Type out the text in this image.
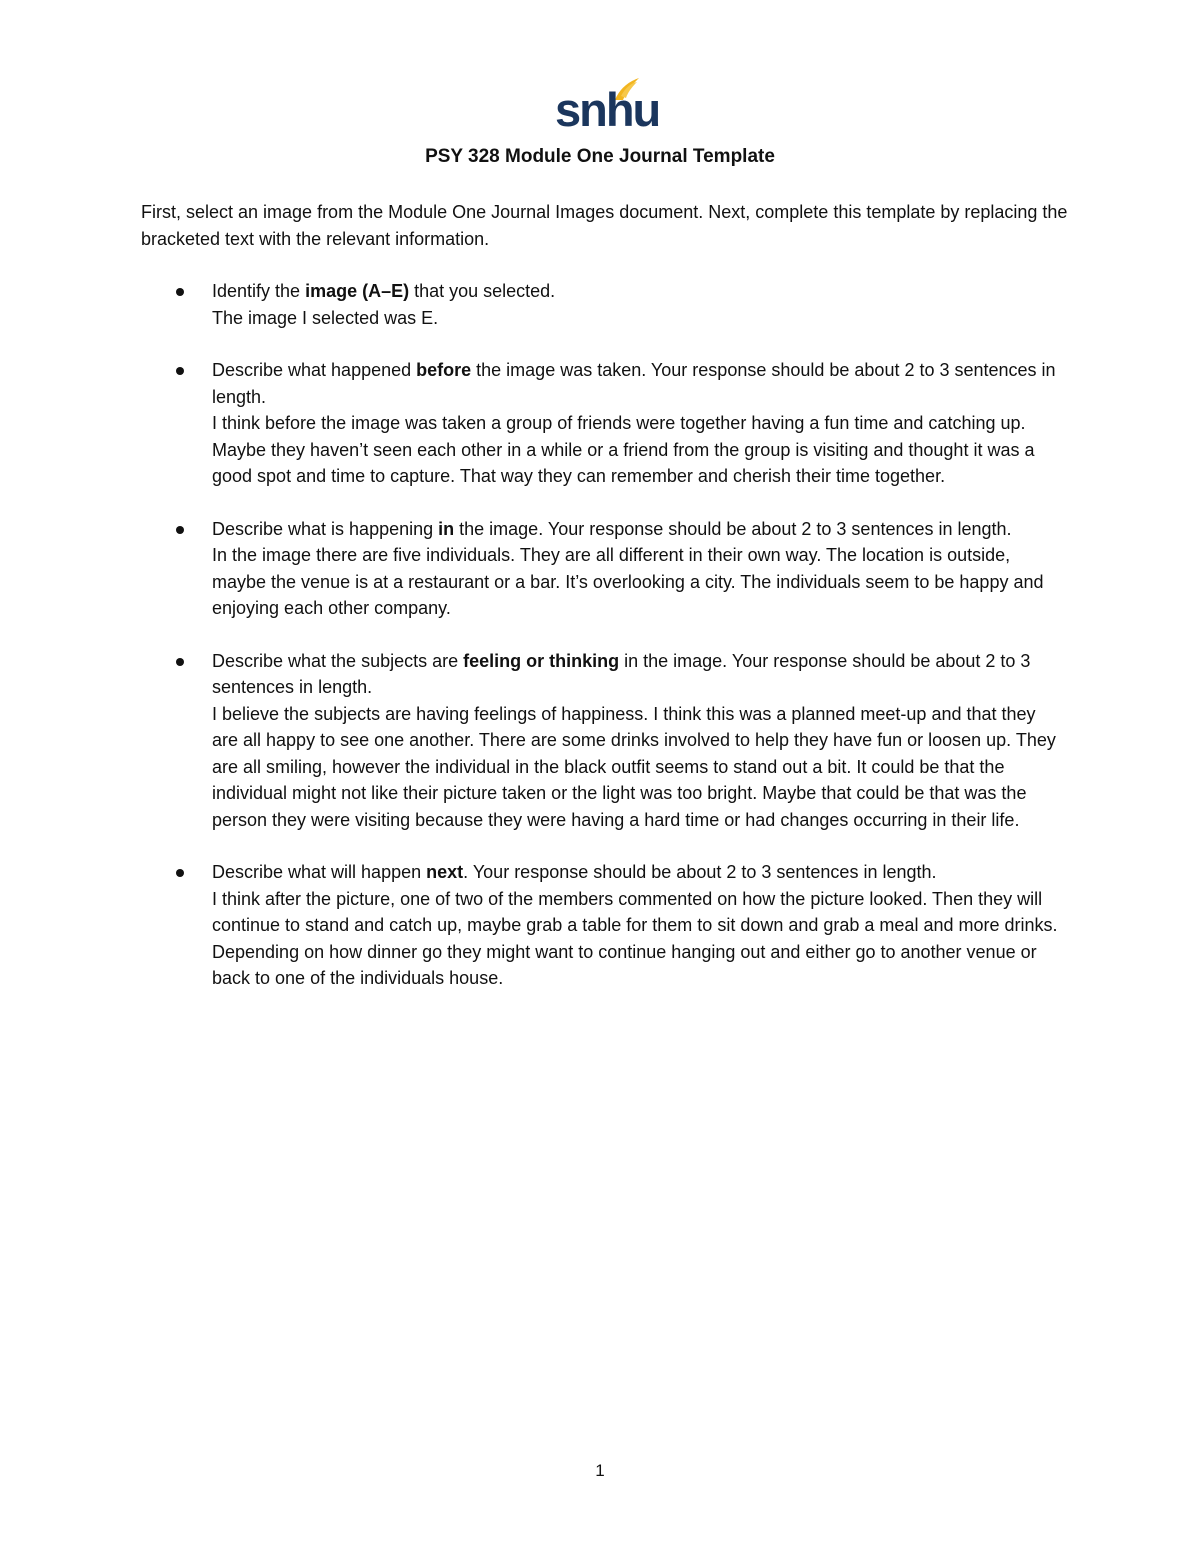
snhu
PSY 328 Module One Journal Template
First, select an image from the Module One Journal Images document. Next, complete this template by replacing the bracketed text with the relevant information.
Identify the image (A–E) that you selected.
The image I selected was E.
Describe what happened before the image was taken. Your response should be about 2 to 3 sentences in length.
I think before the image was taken a group of friends were together having a fun time and catching up. Maybe they haven’t seen each other in a while or a friend from the group is visiting and thought it was a good spot and time to capture. That way they can remember and cherish their time together.
Describe what is happening in the image. Your response should be about 2 to 3 sentences in length.
In the image there are five individuals. They are all different in their own way. The location is outside, maybe the venue is at a restaurant or a bar. It’s overlooking a city. The individuals seem to be happy and enjoying each other company.
Describe what the subjects are feeling or thinking in the image. Your response should be about 2 to 3 sentences in length.
I believe the subjects are having feelings of happiness. I think this was a planned meet-up and that they are all happy to see one another. There are some drinks involved to help they have fun or loosen up. They are all smiling, however the individual in the black outfit seems to stand out a bit. It could be that the individual might not like their picture taken or the light was too bright. Maybe that could be that was the person they were visiting because they were having a hard time or had changes occurring in their life.
Describe what will happen next. Your response should be about 2 to 3 sentences in length.
I think after the picture, one of two of the members commented on how the picture looked. Then they will continue to stand and catch up, maybe grab a table for them to sit down and grab a meal and more drinks. Depending on how dinner go they might want to continue hanging out and either go to another venue or back to one of the individuals house.
1
